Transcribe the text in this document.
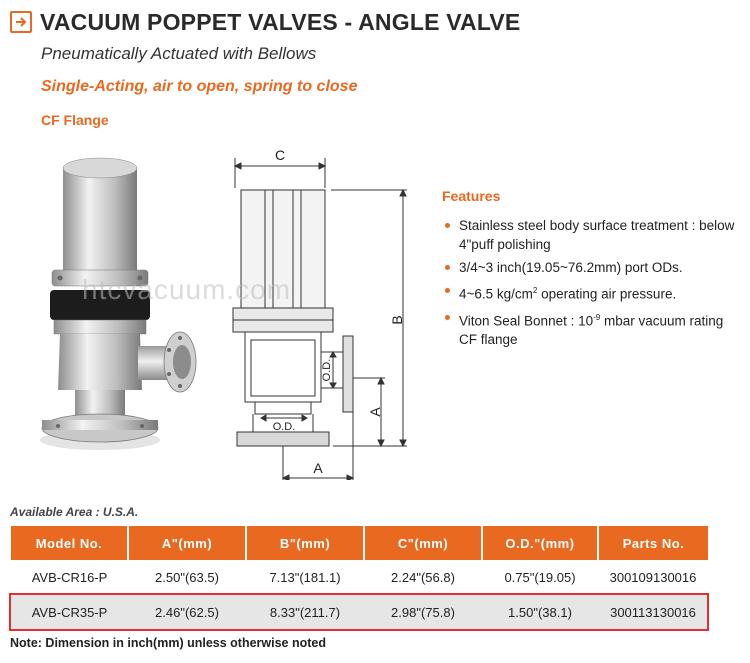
VACUUM POPPET VALVES - ANGLE VALVE
Pneumatically Actuated with Bellows
Single-Acting, air to open, spring to close
CF Flange
C
B
A
A
O.D.
O.D.
htcvacuum.com
Features
Stainless steel body surface treatment : below 4"puff polishing
3/4~3 inch(19.05~76.2mm) port ODs.
4~6.5 $kg/cm^2$ operating air pressure.
Viton Seal Bonnet : $10^{-9}$ mbar vacuum rating CF flange
Available Area : U.S.A.
Model No.	A"(mm)	B"(mm)	C"(mm)	O.D."(mm)	Parts No.
AVB-CR16-P	2.50"(63.5)	7.13"(181.1)	2.24"(56.8)	0.75"(19.05)	300109130016
AVB-CR35-P	2.46"(62.5)	8.33"(211.7)	2.98"(75.8)	1.50"(38.1)	300113130016
Note: Dimension in inch(mm) unless otherwise noted
